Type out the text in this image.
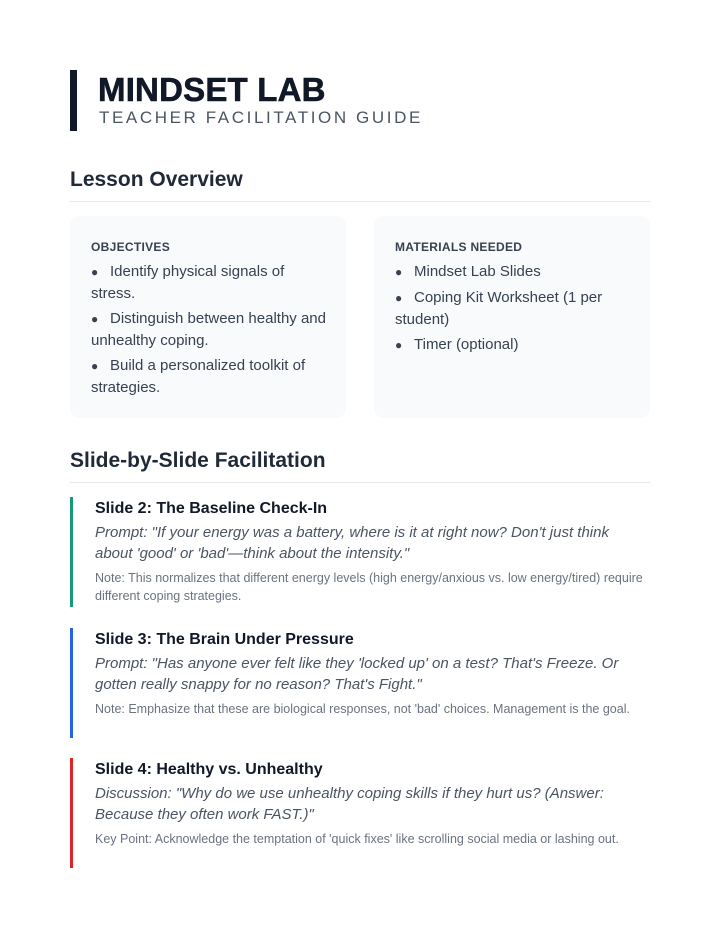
MINDSET LAB
TEACHER FACILITATION GUIDE
Lesson Overview
OBJECTIVES
● Identify physical signals of stress.
● Distinguish between healthy and unhealthy coping.
● Build a personalized toolkit of strategies.
MATERIALS NEEDED
● Mindset Lab Slides
● Coping Kit Worksheet (1 per student)
● Timer (optional)
Slide-by-Slide Facilitation
Slide 2: The Baseline Check-In
Prompt: "If your energy was a battery, where is it at right now? Don't just think about 'good' or 'bad'—think about the intensity."
Note: This normalizes that different energy levels (high energy/anxious vs. low energy/tired) require different coping strategies.
Slide 3: The Brain Under Pressure
Prompt: "Has anyone ever felt like they 'locked up' on a test? That's Freeze. Or gotten really snappy for no reason? That's Fight."
Note: Emphasize that these are biological responses, not 'bad' choices. Management is the goal.
Slide 4: Healthy vs. Unhealthy
Discussion: "Why do we use unhealthy coping skills if they hurt us? (Answer: Because they often work FAST.)"
Key Point: Acknowledge the temptation of 'quick fixes' like scrolling social media or lashing out.
